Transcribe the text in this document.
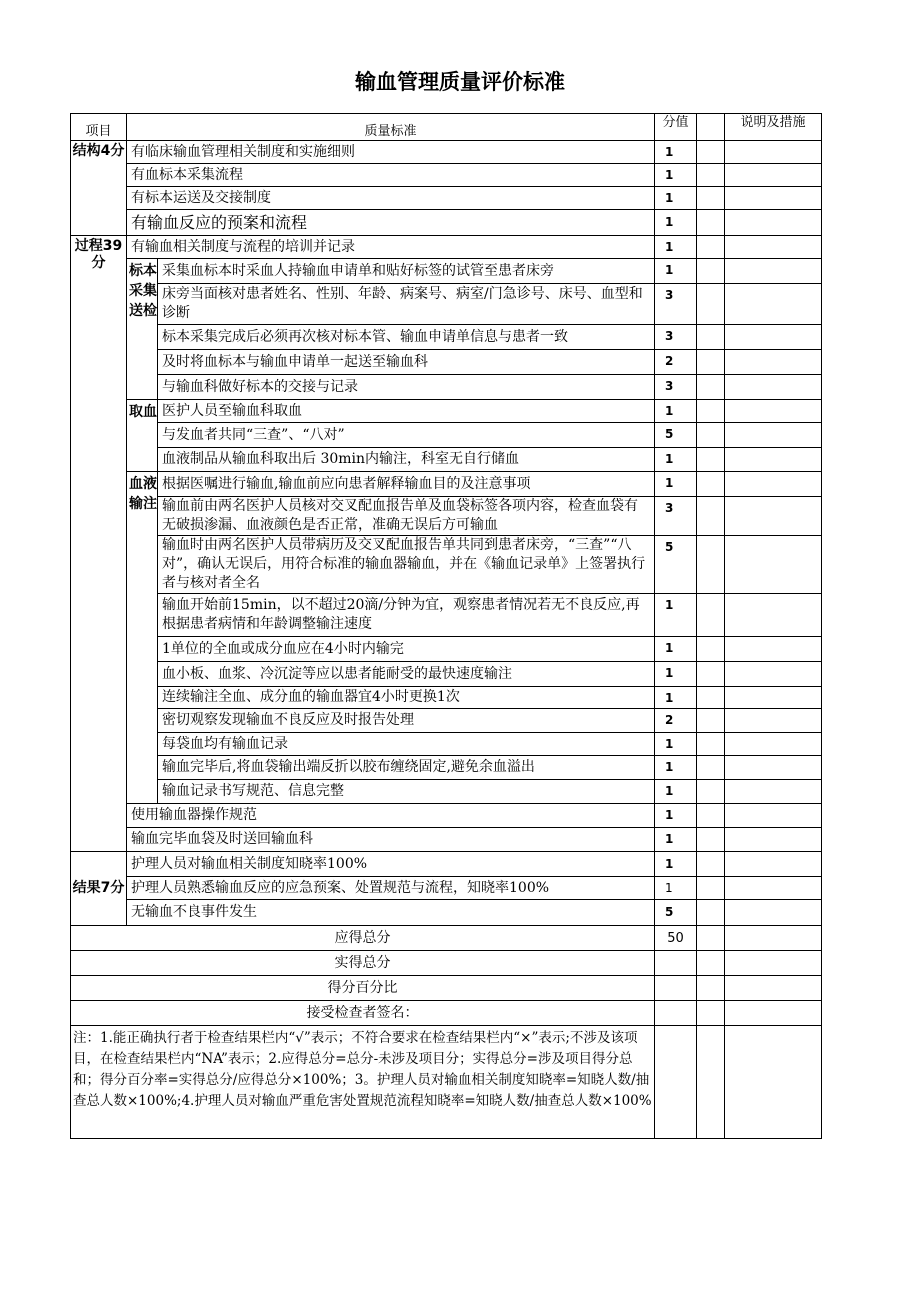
输血管理质量评价标准
项目	质量标准		分值		说明及措施
结构4分	有临床输血管理相关制度和实施细则		1		
	有血标本采集流程		1		
	有标本运送及交接制度		1		
	有输血反应的预案和流程		1		
过程39分	有输血相关制度与流程的培训并记录		1		
	标本采集送检	采集血标本时采血人持输血申请单和贴好标签的试管至患者床旁	1		
		床旁当面核对患者姓名、性别、年龄、病案号、病室/门急诊号、床号、血型和诊断	3		
		标本采集完成后必须再次核对标本管、输血申请单信息与患者一致	3		
		及时将血标本与输血申请单一起送至输血科	2		
		与输血科做好标本的交接与记录	3		
	取血	医护人员至输血科取血	1		
		与发血者共同“三查”、“八对”	5		
		血液制品从输血科取出后 30min内输注，科室无自行储血	1		
	血液输注	根据医嘱进行输血,输血前应向患者解释输血目的及注意事项	1		
		输血前由两名医护人员核对交叉配血报告单及血袋标签各项内容，检查血袋有无破损渗漏、血液颜色是否正常，准确无误后方可输血	3		
		输血时由两名医护人员带病历及交叉配血报告单共同到患者床旁，“三查”“八对”，确认无误后，用符合标准的输血器输血，并在《输血记录单》上签署执行者与核对者全名	5		
		输血开始前15min，以不超过20滴/分钟为宜，观察患者情况若无不良反应,再根据患者病情和年龄调整输注速度	1		
		1单位的全血或成分血应在4小时内输完	1		
		血小板、血浆、冷沉淀等应以患者能耐受的最快速度输注	1		
		连续输注全血、成分血的输血器宜4小时更换1次	1		
		密切观察发现输血不良反应及时报告处理	2		
		每袋血均有输血记录	1		
		输血完毕后,将血袋输出端反折以胶布缠绕固定,避免余血溢出	1		
		输血记录书写规范、信息完整	1		
	使用输血器操作规范		1		
	输血完毕血袋及时送回输血科		1		
结果7分	护理人员对输血相关制度知晓率100%		1		
	护理人员熟悉输血反应的应急预案、处置规范与流程，知晓率100%		1		
	无输血不良事件发生		5		
应得总分			50		
实得总分					
得分百分比					
接受检查者签名：					
注：1.能正确执行者于检查结果栏内“√”表示；不符合要求在检查结果栏内“×”表示;不涉及该项目，在检查结果栏内“NA”表示；2.应得总分=总分-未涉及项目分；实得总分=涉及项目得分总和；得分百分率=实得总分/应得总分×100%；3。护理人员对输血相关制度知晓率=知晓人数/抽查总人数×100%;4.护理人员对输血严重危害处置规范流程知晓率=知晓人数/抽查总人数×100%					
